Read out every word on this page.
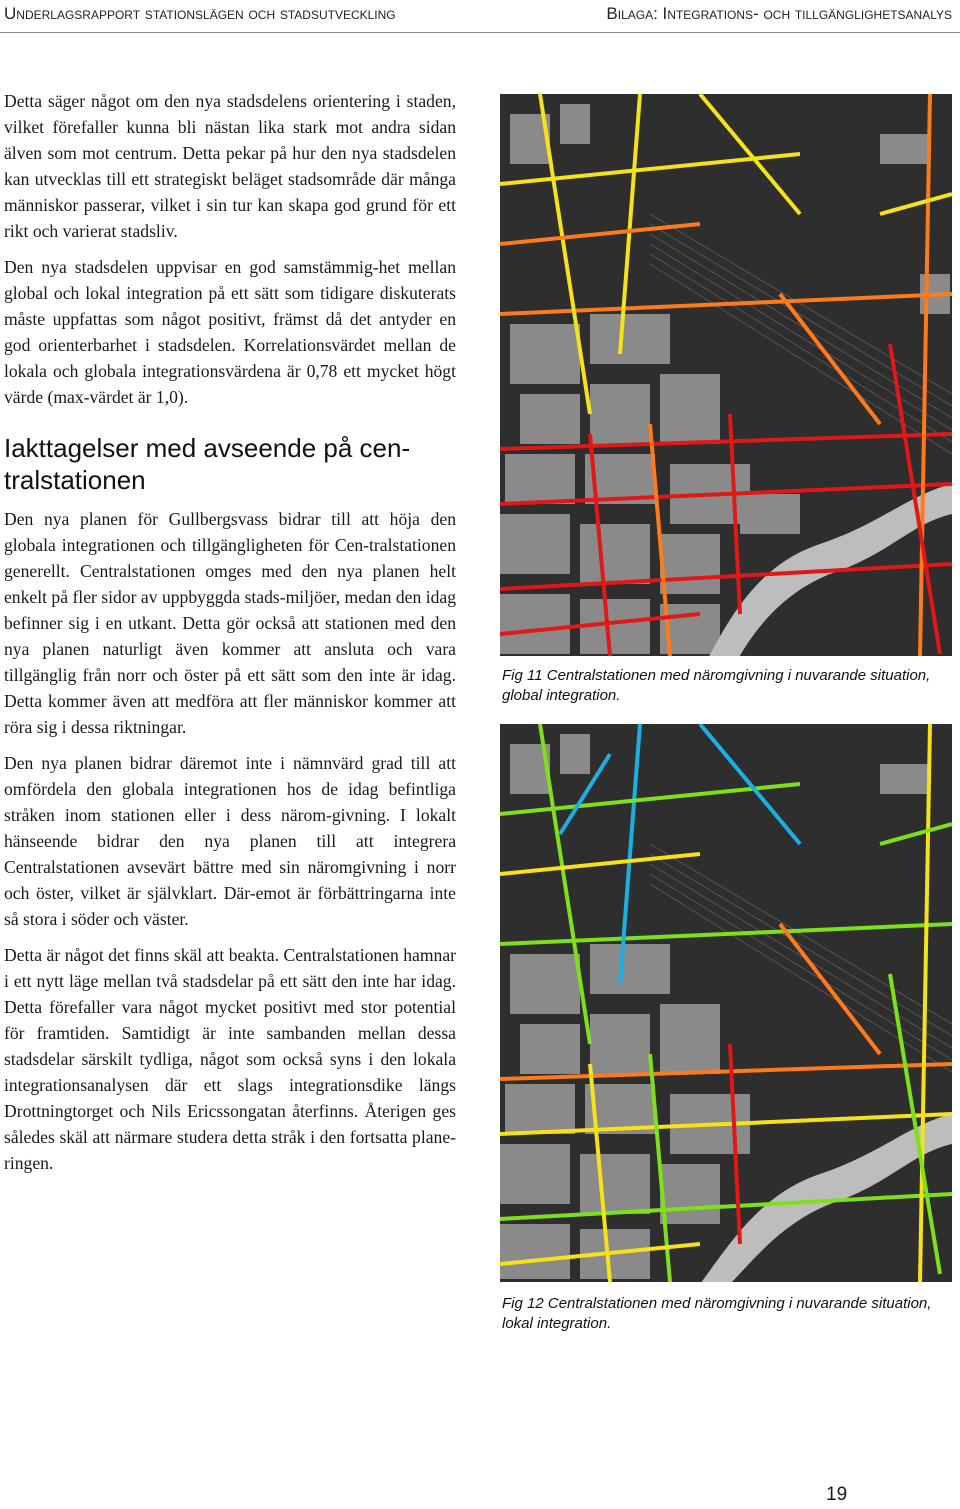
Underlagsrapport stationslägen och stadsutveckling	Bilaga: Integrations- och tillgänglighetsanalys

Detta säger något om den nya stadsdelens orientering i staden, vilket förefaller kunna bli nästan lika stark mot andra sidan älven som mot centrum. Detta pekar på hur den nya stadsdelen kan utvecklas till ett strategiskt beläget stadsområde där många människor passerar, vilket i sin tur kan skapa god grund för ett rikt och varierat stadsliv.

Den nya stadsdelen uppvisar en god samstämmig-het mellan global och lokal integration på ett sätt som tidigare diskuterats måste uppfattas som något positivt, främst då det antyder en god orienterbarhet i stadsdelen. Korrelationsvärdet mellan de lokala och globala integrationsvärdena är 0,78 ett mycket högt värde (max-värdet är 1,0).

Iakttagelser med avseende på cen-tralstationen

Den nya planen för Gullbergsvass bidrar till att höja den globala integrationen och tillgängligheten för Cen-tralstationen generellt. Centralstationen omges med den nya planen helt enkelt på fler sidor av uppbyggda stads-miljöer, medan den idag befinner sig i en utkant. Detta gör också att stationen med den nya planen naturligt även kommer att ansluta och vara tillgänglig från norr och öster på ett sätt som den inte är idag. Detta kommer även att medföra att fler människor kommer att röra sig i dessa riktningar.

Den nya planen bidrar däremot inte i nämnvärd grad till att omfördela den globala integrationen hos de idag befintliga stråken inom stationen eller i dess närom-givning. I lokalt hänseende bidrar den nya planen till att integrera Centralstationen avsevärt bättre med sin näromgivning i norr och öster, vilket är självklart. Där-emot är förbättringarna inte så stora i söder och väster.

Detta är något det finns skäl att beakta. Centralstationen hamnar i ett nytt läge mellan två stadsdelar på ett sätt den inte har idag. Detta förefaller vara något mycket positivt med stor potential för framtiden. Samtidigt är inte sambanden mellan dessa stadsdelar särskilt tydliga, något som också syns i den lokala integrationsanalysen där ett slags integrationsdike längs Drottningtorget och Nils Ericssongatan återfinns. Återigen ges således skäl att närmare studera detta stråk i den fortsatta plane-ringen.

Fig 11 Centralstationen med näromgivning i nuvarande situation, global integration.
Fig 12 Centralstationen med näromgivning i nuvarande situation, lokal integration.
19
